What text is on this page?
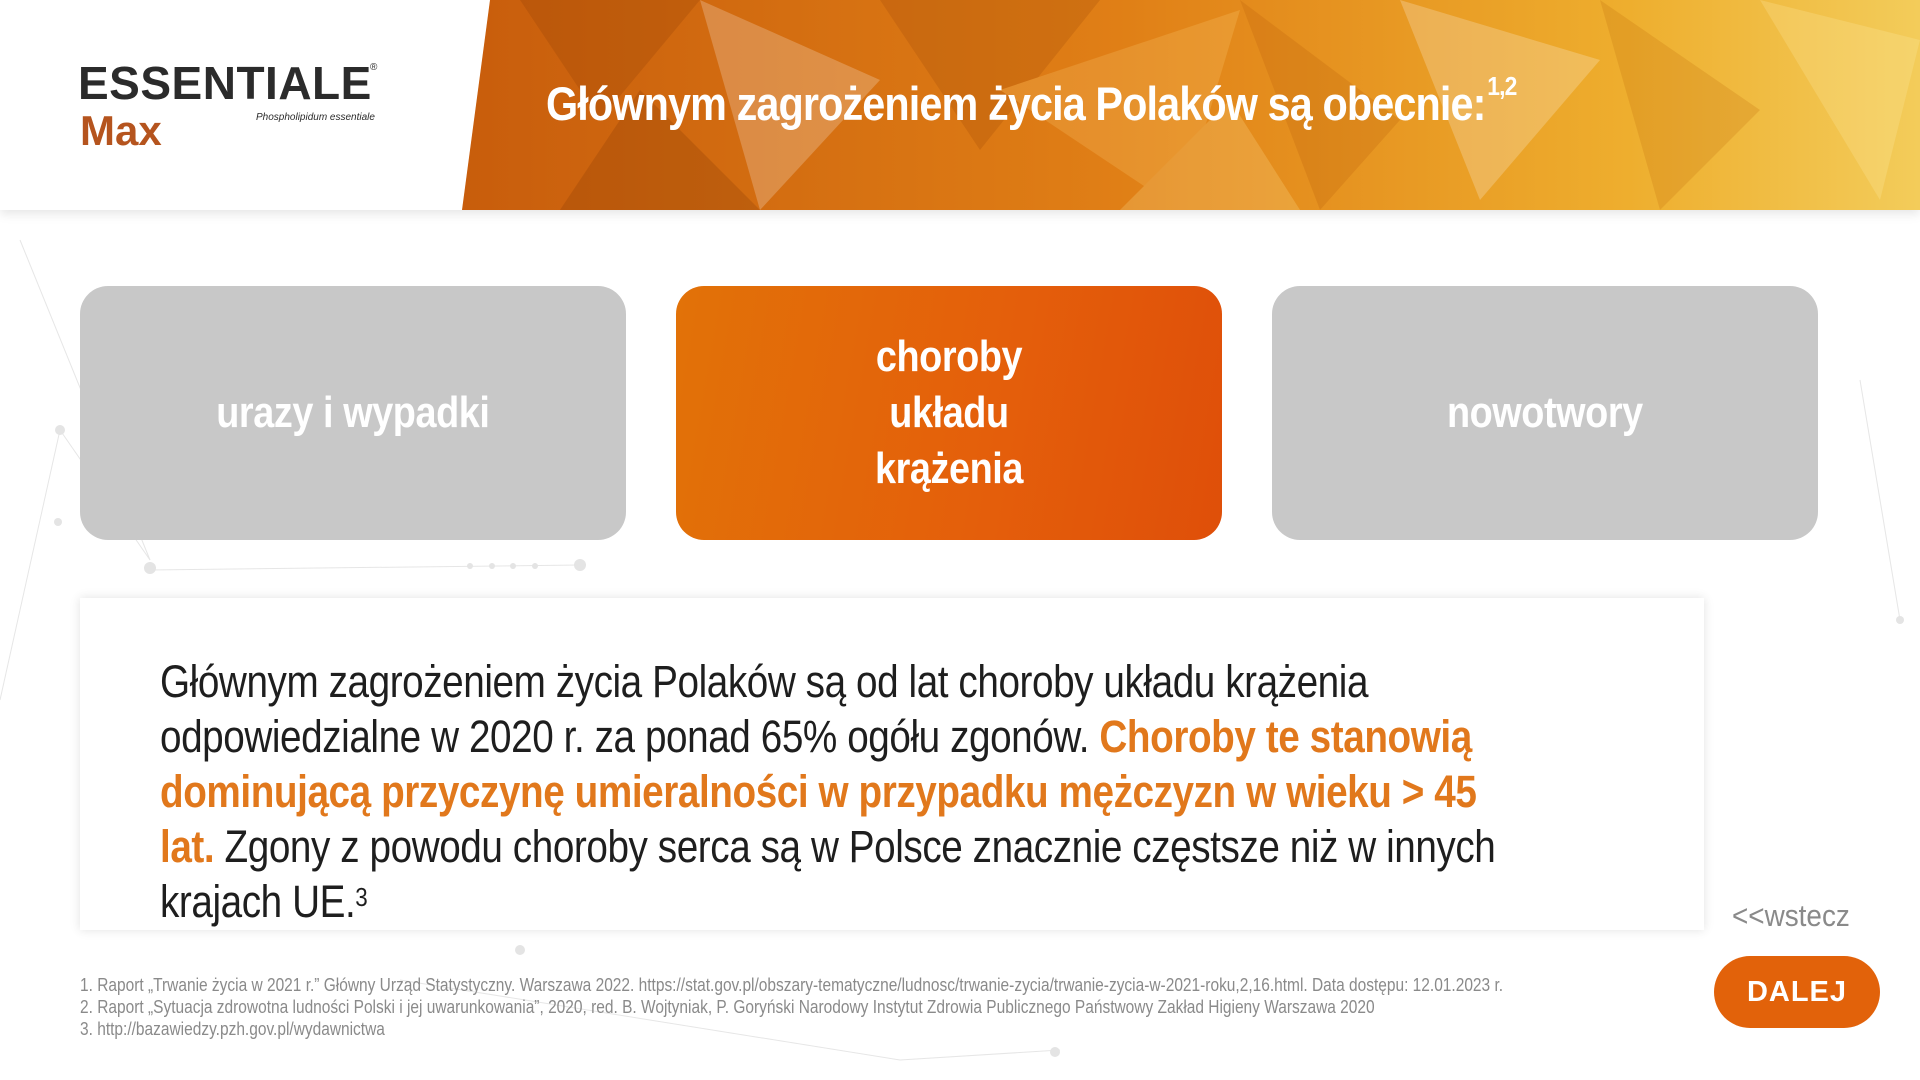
ESSENTIALE
®
Max	Phospholipidum essentiale	Głównym zagrożeniem życia Polaków są obecnie:$^{1,2}$
urazy i wypadki
choroby układu krążenia
nowotwory
Głównym zagrożeniem życia Polaków są od lat choroby układu krążenia odpowiedzialne w 2020 r. za ponad 65% ogółu zgonów. Choroby te stanowią dominującą przyczynę umieralności w przypadku mężczyzn w wieku > 45 lat. Zgony z powodu choroby serca są w Polsce znacznie częstsze niż w innych krajach UE.$^3$
<<wstecz
DALEJ
1. Raport „Trwanie życia w 2021 r.” Główny Urząd Statystyczny. Warszawa 2022. https://stat.gov.pl/obszary-tematyczne/ludnosc/trwanie-zycia/trwanie-zycia-w-2021-roku,2,16.html. Data dostępu: 12.01.2023 r.
2. Raport „Sytuacja zdrowotna ludności Polski i jej uwarunkowania”, 2020, red. B. Wojtyniak, P. Goryński Narodowy Instytut Zdrowia Publicznego Państwowy Zakład Higieny Warszawa 2020
3. http://bazawiedzy.pzh.gov.pl/wydawnictwa
